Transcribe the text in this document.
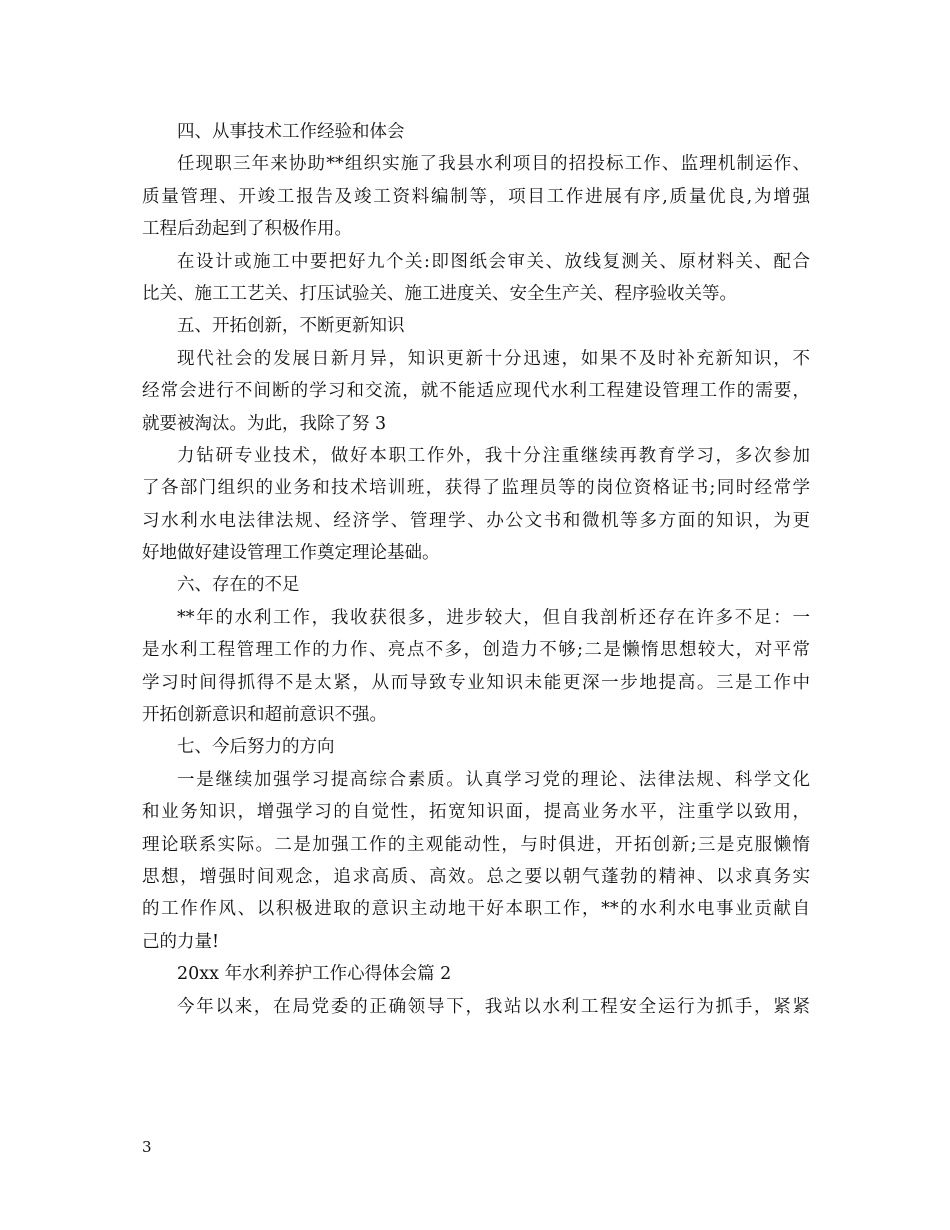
四、从事技术工作经验和体会
任现职三年来协助**组织实施了我县水利项目的招投标工作、监理机制运作、
质量管理、开竣工报告及竣工资料编制等，项目工作进展有序,质量优良,为增强
工程后劲起到了积极作用。
在设计或施工中要把好九个关:即图纸会审关、放线复测关、原材料关、配合
比关、施工工艺关、打压试验关、施工进度关、安全生产关、程序验收关等。
五、开拓创新，不断更新知识
现代社会的发展日新月异，知识更新十分迅速，如果不及时补充新知识，不
经常会进行不间断的学习和交流，就不能适应现代水利工程建设管理工作的需要，
就要被淘汰。为此，我除了努 3
力钻研专业技术，做好本职工作外，我十分注重继续再教育学习，多次参加
了各部门组织的业务和技术培训班，获得了监理员等的岗位资格证书;同时经常学
习水利水电法律法规、经济学、管理学、办公文书和微机等多方面的知识，为更
好地做好建设管理工作奠定理论基础。
六、存在的不足
**年的水利工作，我收获很多，进步较大，但自我剖析还存在许多不足：一
是水利工程管理工作的力作、亮点不多，创造力不够;二是懒惰思想较大，对平常
学习时间得抓得不是太紧，从而导致专业知识未能更深一步地提高。三是工作中
开拓创新意识和超前意识不强。
七、今后努力的方向
一是继续加强学习提高综合素质。认真学习党的理论、法律法规、科学文化
和业务知识，增强学习的自觉性，拓宽知识面，提高业务水平，注重学以致用，
理论联系实际。二是加强工作的主观能动性，与时俱进，开拓创新;三是克服懒惰
思想，增强时间观念，追求高质、高效。总之要以朝气蓬勃的精神、以求真务实
的工作作风、以积极进取的意识主动地干好本职工作，**的水利水电事业贡献自
己的力量!
20xx 年水利养护工作心得体会篇 2
今年以来，在局党委的正确领导下，我站以水利工程安全运行为抓手，紧紧
3
